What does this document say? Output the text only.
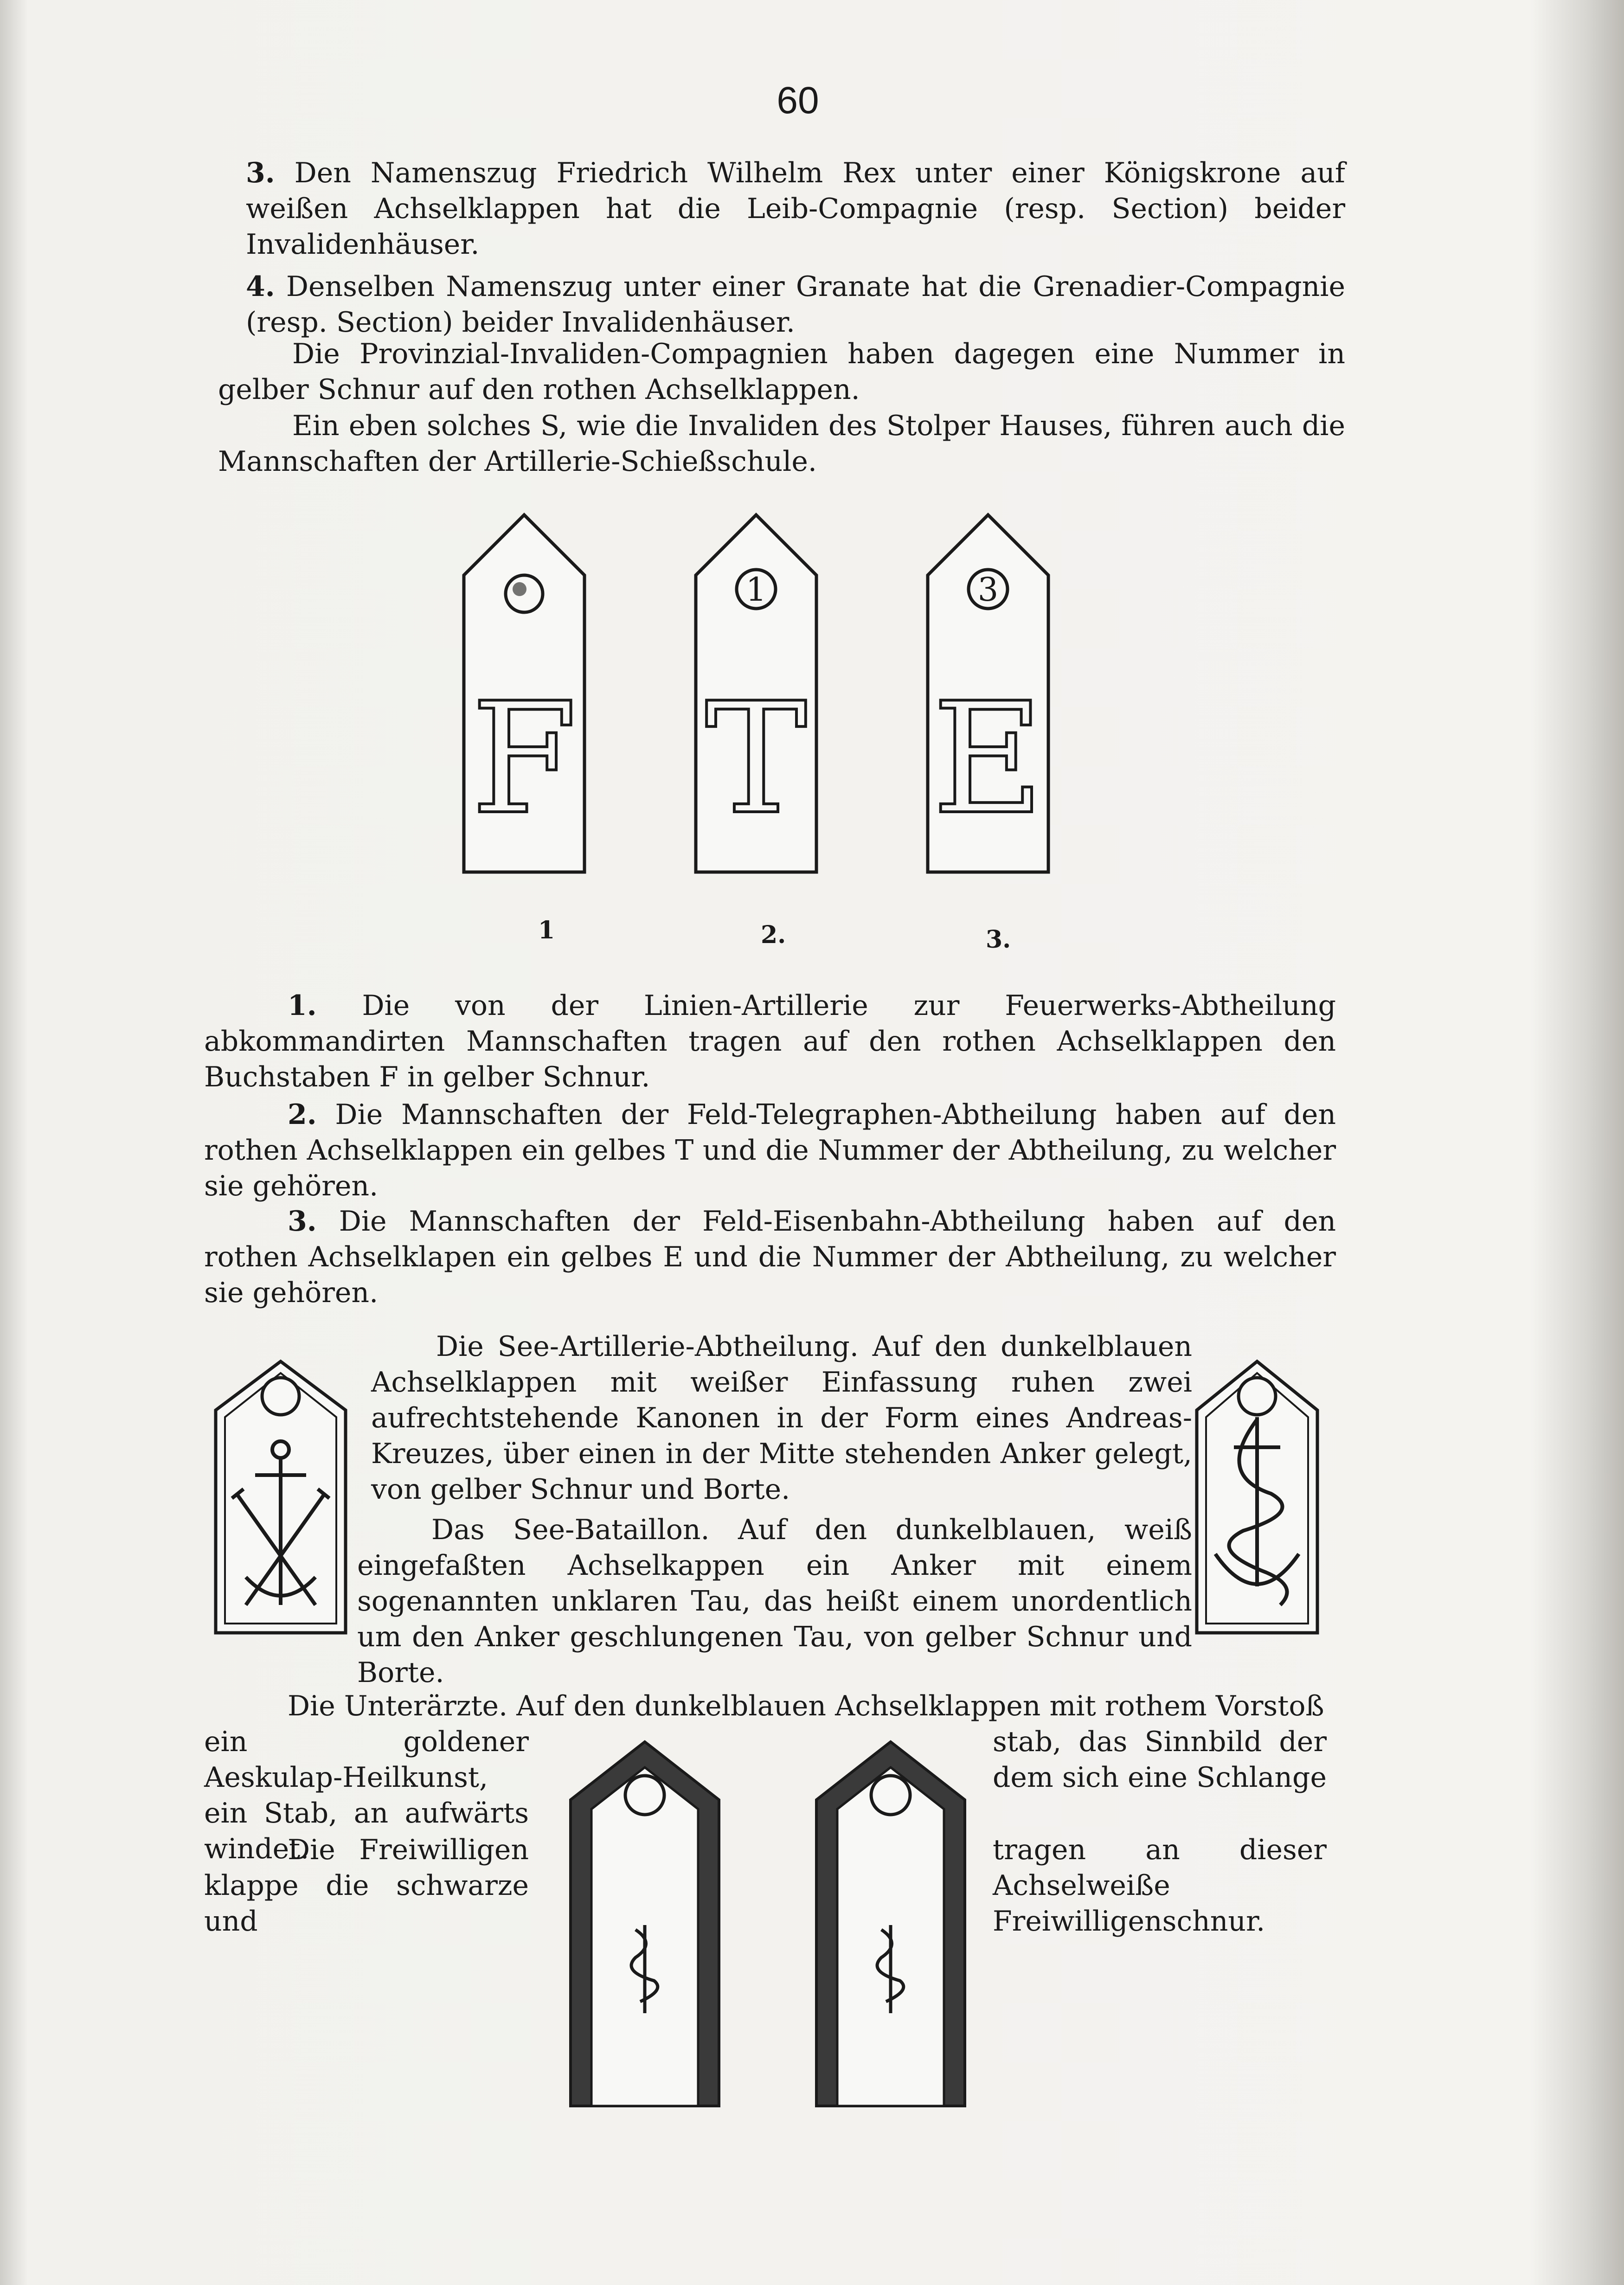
60

3. Den Namenszug Friedrich Wilhelm Rex unter einer Königskrone auf weißen Achselklappen hat die Leib-Compagnie (resp. Section) beider Invalidenhäuser.

4. Denselben Namenszug unter einer Granate hat die Grenadier-Compagnie (resp. Section) beider Invalidenhäuser.

Die Provinzial-Invaliden-Compagnien haben dagegen eine Nummer in gelber Schnur auf den rothen Achselklappen.

Ein eben solches S, wie die Invaliden des Stolper Hauses, führen auch die Mannschaften der Artillerie-Schießschule.

F
1
T
3
E
1	2.	3.

1. Die von der Linien-Artillerie zur Feuerwerks-Abtheilung abkommandirten Mannschaften tragen auf den rothen Achselklappen den Buchstaben F in gelber Schnur.

2. Die Mannschaften der Feld-Telegraphen-Abtheilung haben auf den rothen Achselklappen ein gelbes T und die Nummer der Abtheilung, zu welcher sie gehören.

3. Die Mannschaften der Feld-Eisenbahn-Abtheilung haben auf den rothen Achselklapen ein gelbes E und die Nummer der Abtheilung, zu welcher sie gehören.

Die See-Artillerie-Abtheilung. Auf den dunkelblauen Achselklappen mit weißer Einfassung ruhen zwei aufrechtstehende Kanonen in der Form eines Andreas-Kreuzes, über einen in der Mitte stehenden Anker gelegt, von gelber Schnur und Borte.

Das See-Bataillon. Auf den dunkelblauen, weiß eingefaßten Achselkappen ein Anker mit einem sogenannten unklaren Tau, das heißt einem unordentlich um den Anker geschlungenen Tau, von gelber Schnur und Borte.

Die Unterärzte. Auf den dunkelblauen Achselklappen mit rothem Vorstoß

ein goldener Aeskulap-Heilkunst, ein Stab, an aufwärts windet.

stab, das Sinnbild der dem sich eine Schlange

Die Freiwilligen klappe die schwarze und

tragen an dieser Achselweiße Freiwilligenschnur.
